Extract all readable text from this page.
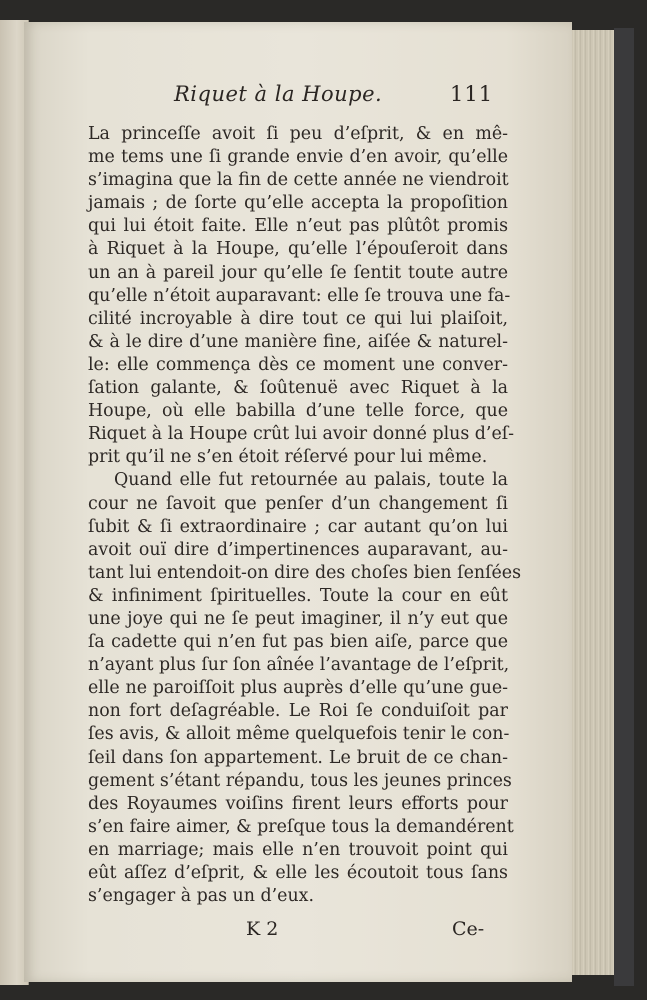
Riquet à la Houpe.	111
La princeſſe avoit ſi peu d’eſprit, & en mê-
me tems une ſi grande envie d’en avoir, qu’elle
s’imagina que la fin de cette année ne viendroit
jamais ; de ſorte qu’elle accepta la propoſition
qui lui étoit faite. Elle n’eut pas plûtôt promis
à Riquet à la Houpe, qu’elle l’épouſeroit dans
un an à pareil jour qu’elle ſe ſentit toute autre
qu’elle n’étoit auparavant: elle ſe trouva une fa-
cilité incroyable à dire tout ce qui lui plaiſoit,
& à le dire d’une manière fine, aiſée & naturel-
le: elle commença dès ce moment une conver-
ſation galante, & ſoûtenuë avec Riquet à la
Houpe, où elle babilla d’une telle force, que
Riquet à la Houpe crût lui avoir donné plus d’eſ-
prit qu’il ne s’en étoit réſervé pour lui même.
Quand elle fut retournée au palais, toute la
cour ne ſavoit que penſer d’un changement ſi
ſubit & ſi extraordinaire ; car autant qu’on lui
avoit ouï dire d’impertinences auparavant, au-
tant lui entendoit-on dire des choſes bien ſenſées
& infiniment ſpirituelles. Toute la cour en eût
une joye qui ne ſe peut imaginer, il n’y eut que
ſa cadette qui n’en fut pas bien aiſe, parce que
n’ayant plus ſur ſon aînée l’avantage de l’eſprit,
elle ne paroiſſoit plus auprès d’elle qu’une gue-
non fort deſagréable. Le Roi ſe conduiſoit par
ſes avis, & alloit même quelquefois tenir le con-
ſeil dans ſon appartement. Le bruit de ce chan-
gement s’étant répandu, tous les jeunes princes
des Royaumes voiſins firent leurs efforts pour
s’en faire aimer, & preſque tous la demandérent
en marriage; mais elle n’en trouvoit point qui
eût aſſez d’eſprit, & elle les écoutoit tous ſans
s’engager à pas un d’eux.
K 2	Ce-
